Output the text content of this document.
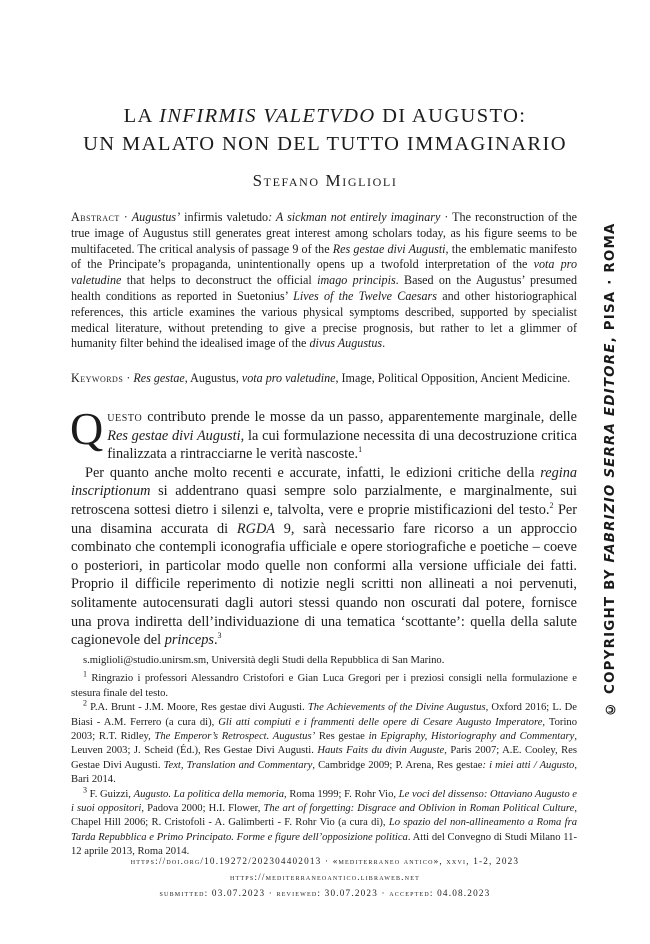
LA INFIRMIS VALETVDO DI AUGUSTO:
UN MALATO NON DEL TUTTO IMMAGINARIO
Stefano Miglioli
Abstract · Augustus’ infirmis valetudo: A sickman not entirely imaginary · The reconstruction of the true image of Augustus still generates great interest among scholars today, as his figure seems to be multifaceted. The critical analysis of passage 9 of the Res gestae divi Augusti, the emblematic manifesto of the Principate’s propaganda, unintentionally opens up a twofold interpretation of the vota pro valetudine that helps to deconstruct the official imago principis. Based on the Augustus’ presumed health conditions as reported in Suetonius’ Lives of the Twelve Caesars and other historiographical references, this article examines the various physical symptoms described, supported by specialist medical literature, without pretending to give a precise prognosis, but rather to let a glimmer of humanity filter behind the idealised image of the divus Augustus.
Keywords · Res gestae, Augustus, vota pro valetudine, Image, Political Opposition, Ancient Medicine.

Questo contributo prende le mosse da un passo, apparentemente marginale, delle Res gestae divi Augusti, la cui formulazione necessita di una decostruzione critica finalizzata a rintracciarne le verità nascoste.$^1$

Per quanto anche molto recenti e accurate, infatti, le edizioni critiche della regina inscriptionum si addentrano quasi sempre solo parzialmente, e marginalmente, sui retroscena sottesi dietro i silenzi e, talvolta, vere e proprie mistificazioni del testo.$^2$ Per una disamina accurata di RGDA 9, sarà necessario fare ricorso a un approccio combinato che contempli iconografia ufficiale e opere storiografiche e poetiche – coeve o posteriori, in particolar modo quelle non conformi alla versione ufficiale dei fatti. Proprio il difficile reperimento di notizie negli scritti non allineati a noi pervenuti, solitamente autocensurati dagli autori stessi quando non oscurati dal potere, fornisce una prova indiretta dell’individuazione di una tematica ‘scottante’: quella della salute cagionevole del princeps.$^3$

s.miglioli@studio.unirsm.sm, Università degli Studi della Repubblica di San Marino.

$^1$ Ringrazio i professori Alessandro Cristofori e Gian Luca Gregori per i preziosi consigli nella formulazione e stesura finale del testo.

$^2$ P.A. Brunt - J.M. Moore, Res gestae divi Augusti. The Achievements of the Divine Augustus, Oxford 2016; L. De Biasi - A.M. Ferrero (a cura di), Gli atti compiuti e i frammenti delle opere di Cesare Augusto Imperatore, Torino 2003; R.T. Ridley, The Emperor’s Retrospect. Augustus’ Res gestae in Epigraphy, Historiography and Commentary, Leuven 2003; J. Scheid (Éd.), Res Gestae Divi Augusti. Hauts Faits du divin Auguste, Paris 2007; A.E. Cooley, Res Gestae Divi Augusti. Text, Translation and Commentary, Cambridge 2009; P. Arena, Res gestae: i miei atti / Augusto, Bari 2014.

$^3$ F. Guizzi, Augusto. La politica della memoria, Roma 1999; F. Rohr Vio, Le voci del dissenso: Ottaviano Augusto e i suoi oppositori, Padova 2000; H.I. Flower, The art of forgetting: Disgrace and Oblivion in Roman Political Culture, Chapel Hill 2006; R. Cristofoli - A. Galimberti - F. Rohr Vio (a cura di), Lo spazio del non-allineamento a Roma fra Tarda Repubblica e Primo Principato. Forme e figure dell’opposizione politica. Atti del Convegno di Studi Milano 11-12 aprile 2013, Roma 2014.

https://doi.org/10.19272/202304402013 · «mediterraneo antico», xxvi, 1-2, 2023
https://mediterraneoantico.libraweb.net
submitted: 03.07.2023 · reviewed: 30.07.2023 · accepted: 04.08.2023
© COPYRIGHT BY FABRIZIO SERRA EDITORE, PISA · ROMA
